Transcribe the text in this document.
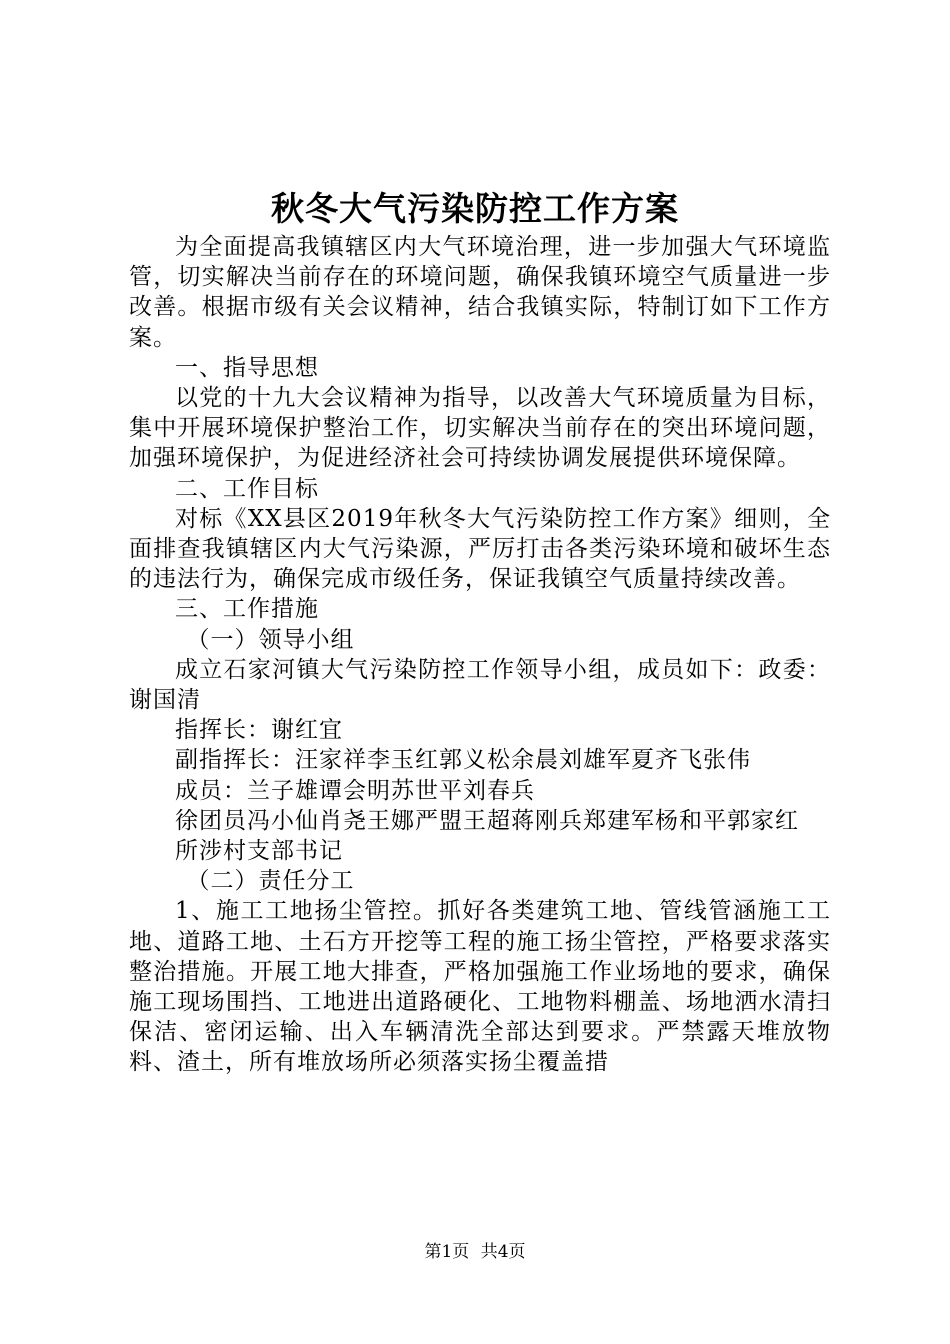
秋冬大气污染防控工作方案

为全面提高我镇辖区内大气环境治理，进一步加强大气环境监管，切实解决当前存在的环境问题，确保我镇环境空气质量进一步改善。根据市级有关会议精神，结合我镇实际，特制订如下工作方案。

一、指导思想

以党的十九大会议精神为指导，以改善大气环境质量为目标，集中开展环境保护整治工作，切实解决当前存在的突出环境问题，加强环境保护，为促进经济社会可持续协调发展提供环境保障。

二、工作目标

对标《XX县区2019年秋冬大气污染防控工作方案》细则，全面排查我镇辖区内大气污染源，严厉打击各类污染环境和破坏生态的违法行为，确保完成市级任务，保证我镇空气质量持续改善。

三、工作措施

（一）领导小组

成立石家河镇大气污染防控工作领导小组，成员如下：政委：谢国清

指挥长：谢红宜

副指挥长：汪家祥李玉红郭义松余晨刘雄军夏齐飞张伟

成员：兰子雄谭会明苏世平刘春兵

徐团员冯小仙肖尧王娜严盟王超蒋刚兵郑建军杨和平郭家红

所涉村支部书记

（二）责任分工

1、施工工地扬尘管控。抓好各类建筑工地、管线管涵施工工地、道路工地、土石方开挖等工程的施工扬尘管控，严格要求落实整治措施。开展工地大排查，严格加强施工作业场地的要求，确保施工现场围挡、工地进出道路硬化、工地物料棚盖、场地洒水清扫保洁、密闭运输、出入车辆清洗全部达到要求。严禁露天堆放物料、渣土，所有堆放场所必须落实扬尘覆盖措

第1页 共4页
